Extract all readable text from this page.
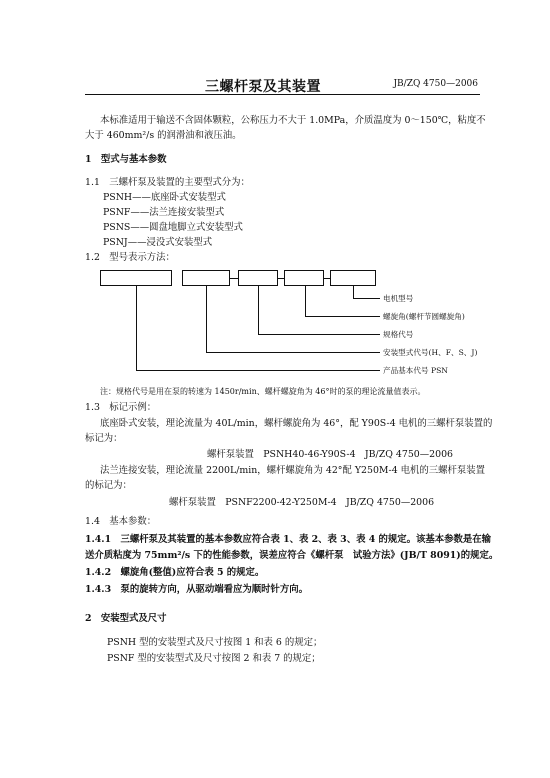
三螺杆泵及其装置	JB/ZQ 4750—2006
本标准适用于输送不含固体颗粒，公称压力不大于 1.0MPa，介质温度为 0～150℃，粘度不
大于 460mm²/s 的润滑油和液压油。
1　型式与基本参数
1.1　三螺杆泵及装置的主要型式分为：
PSNH——底座卧式安装型式
PSNF——法兰连接安装型式
PSNS——圆盘地脚立式安装型式
PSNJ——浸没式安装型式
1.2　型号表示方法：
电机型号
螺旋角(螺杆节圆螺旋角)
规格代号
安装型式代号(H、F、S、J)
产品基本代号 PSN
注：规格代号是用在泵的转速为 1450r/min、螺杆螺旋角为 46°时的泵的理论流量值表示。
1.3　标记示例：
底座卧式安装，理论流量为 40L/min，螺杆螺旋角为 46°，配 Y90S-4 电机的三螺杆泵装置的
标记为：
螺杆泵装置　PSNH40-46-Y90S-4　JB/ZQ 4750—2006
法兰连接安装，理论流量 2200L/min，螺杆螺旋角为 42°配 Y250M-4 电机的三螺杆泵装置
的标记为：
螺杆泵装置　PSNF2200-42-Y250M-4　JB/ZQ 4750—2006
1.4　基本参数：
1.4.1　三螺杆泵及其装置的基本参数应符合表 1、表 2、表 3、表 4 的规定。该基本参数是在输
送介质粘度为 75mm²/s 下的性能参数，误差应符合《螺杆泵　试验方法》(JB/T 8091)的规定。
1.4.2　螺旋角(整值)应符合表 5 的规定。
1.4.3　泵的旋转方向，从驱动端看应为顺时针方向。
2　安装型式及尺寸
PSNH 型的安装型式及尺寸按图 1 和表 6 的规定；
PSNF 型的安装型式及尺寸按图 2 和表 7 的规定；
